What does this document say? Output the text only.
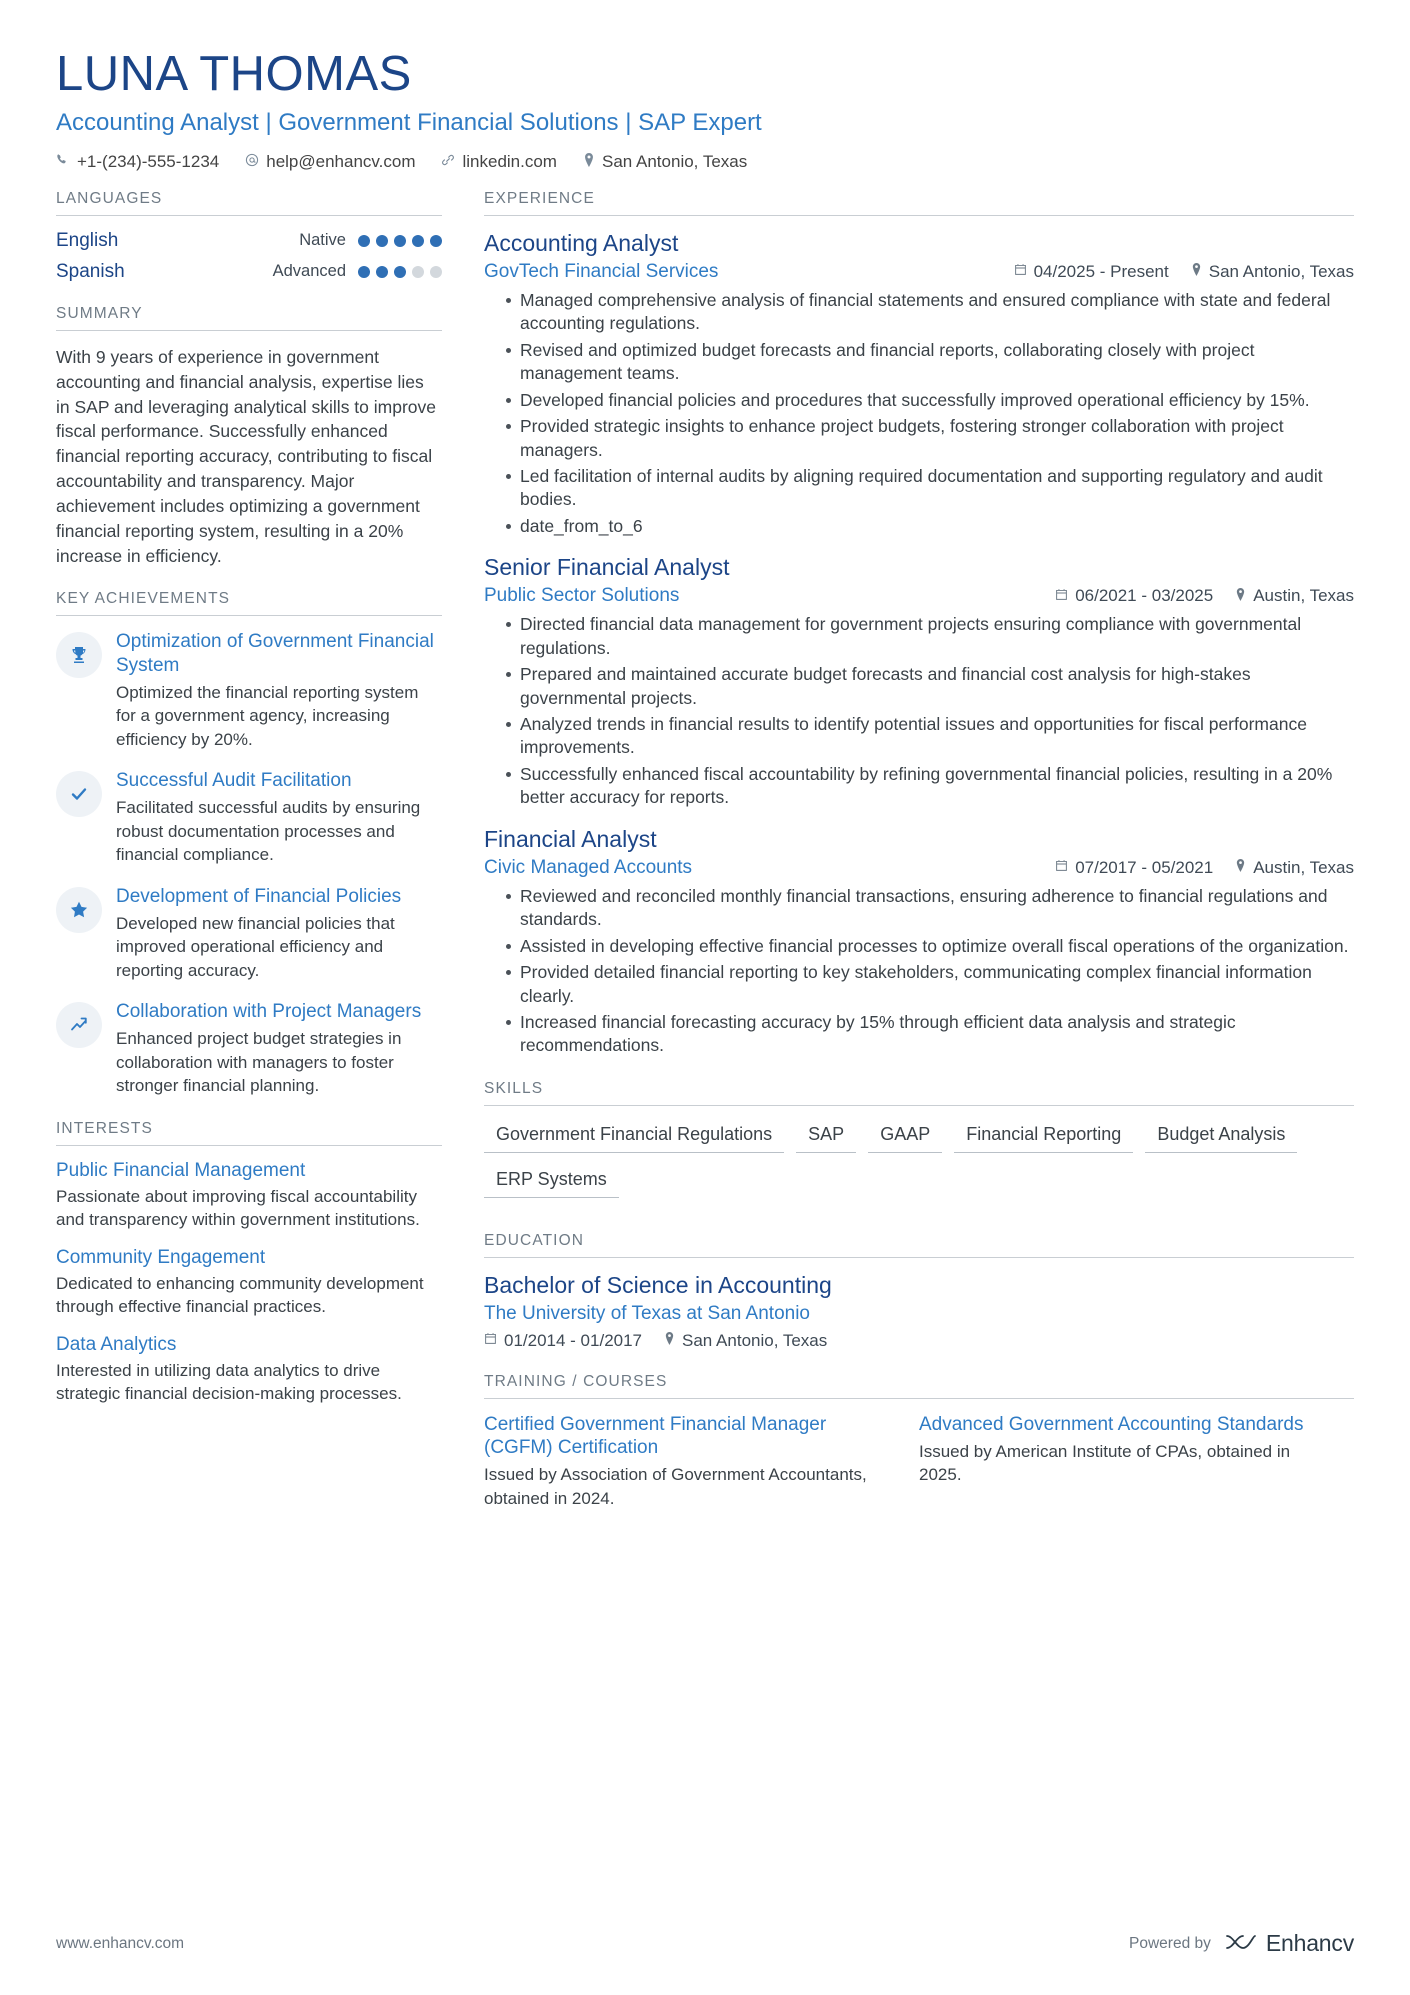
LUNA THOMAS
Accounting Analyst | Government Financial Solutions | SAP Expert
+1-(234)-555-1234	help@enhancv.com	linkedin.com	San Antonio, Texas
LANGUAGES
English	Native
Spanish	Advanced
SUMMARY
With 9 years of experience in government accounting and financial analysis, expertise lies in SAP and leveraging analytical skills to improve fiscal performance. Successfully enhanced financial reporting accuracy, contributing to fiscal accountability and transparency. Major achievement includes optimizing a government financial reporting system, resulting in a 20% increase in efficiency.
KEY ACHIEVEMENTS
Optimization of Government Financial System
Optimized the financial reporting system for a government agency, increasing efficiency by 20%.
Successful Audit Facilitation
Facilitated successful audits by ensuring robust documentation processes and financial compliance.
Development of Financial Policies
Developed new financial policies that improved operational efficiency and reporting accuracy.
Collaboration with Project Managers
Enhanced project budget strategies in collaboration with managers to foster stronger financial planning.
INTERESTS
Public Financial Management
Passionate about improving fiscal accountability and transparency within government institutions.
Community Engagement
Dedicated to enhancing community development through effective financial practices.
Data Analytics
Interested in utilizing data analytics to drive strategic financial decision-making processes.
EXPERIENCE
Accounting Analyst
GovTech Financial Services	04/2025 - Present San Antonio, Texas
Managed comprehensive analysis of financial statements and ensured compliance with state and federal accounting regulations.
Revised and optimized budget forecasts and financial reports, collaborating closely with project management teams.
Developed financial policies and procedures that successfully improved operational efficiency by 15%.
Provided strategic insights to enhance project budgets, fostering stronger collaboration with project managers.
Led facilitation of internal audits by aligning required documentation and supporting regulatory and audit bodies.
date_from_to_6
Senior Financial Analyst
Public Sector Solutions	06/2021 - 03/2025 Austin, Texas
Directed financial data management for government projects ensuring compliance with governmental regulations.
Prepared and maintained accurate budget forecasts and financial cost analysis for high-stakes governmental projects.
Analyzed trends in financial results to identify potential issues and opportunities for fiscal performance improvements.
Successfully enhanced fiscal accountability by refining governmental financial policies, resulting in a 20% better accuracy for reports.
Financial Analyst
Civic Managed Accounts	07/2017 - 05/2021 Austin, Texas
Reviewed and reconciled monthly financial transactions, ensuring adherence to financial regulations and standards.
Assisted in developing effective financial processes to optimize overall fiscal operations of the organization.
Provided detailed financial reporting to key stakeholders, communicating complex financial information clearly.
Increased financial forecasting accuracy by 15% through efficient data analysis and strategic recommendations.
SKILLS
Government Financial Regulations	SAP	GAAP	Financial Reporting	Budget Analysis
ERP Systems
EDUCATION
Bachelor of Science in Accounting
The University of Texas at San Antonio
01/2014 - 01/2017 San Antonio, Texas
TRAINING / COURSES
Certified Government Financial Manager (CGFM) Certification
Issued by Association of Government Accountants, obtained in 2024.
Advanced Government Accounting Standards
Issued by American Institute of CPAs, obtained in 2025.
www.enhancv.com	Powered by Enhancv
